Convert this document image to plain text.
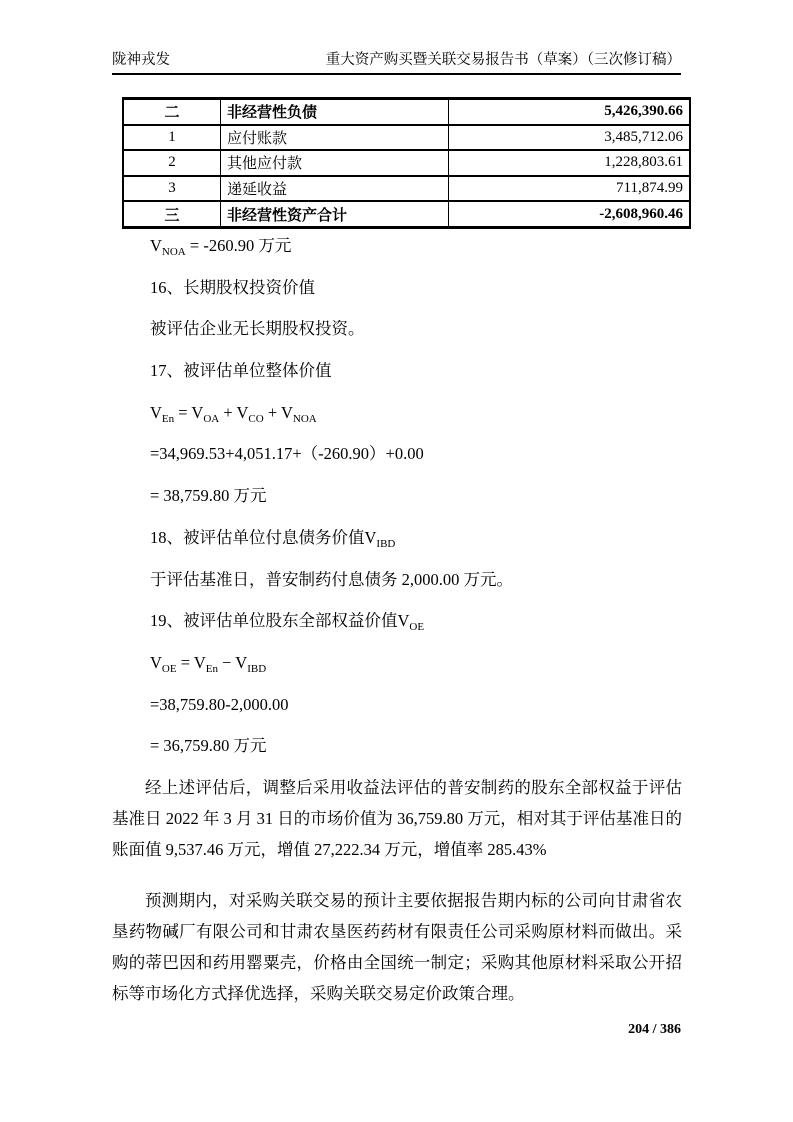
陇神戎发	重大资产购买暨关联交易报告书（草案）（三次修订稿）
二	非经营性负债	5,426,390.66
1	应付账款	3,485,712.06
2	其他应付款	1,228,803.61
3	递延收益	711,874.99
三	非经营性资产合计	-2,608,960.46
$V_{NOA} = -260.90$ 万元
16、长期股权投资价值
被评估企业无长期股权投资。
17、被评估单位整体价值
$V_{En} = V_{OA} + V_{CO} + V_{NOA}$
=34,969.53+4,051.17+（-260.90）+0.00
= 38,759.80 万元
18、被评估单位付息债务价值$V_{IBD}$
于评估基准日，普安制药付息债务 2,000.00 万元。
19、被评估单位股东全部权益价值$V_{OE}$
$V_{OE} = V_{En} - V_{IBD}$
=38,759.80-2,000.00
= 36,759.80 万元

经上述评估后，调整后采用收益法评估的普安制药的股东全部权益于评估基准日 2022 年 3 月 31 日的市场价值为 36,759.80 万元，相对其于评估基准日的账面值 9,537.46 万元，增值 27,222.34 万元，增值率 285.43%

预测期内，对采购关联交易的预计主要依据报告期内标的公司向甘肃省农垦药物碱厂有限公司和甘肃农垦医药药材有限责任公司采购原材料而做出。采购的蒂巴因和药用罂粟壳，价格由全国统一制定；采购其他原材料采取公开招标等市场化方式择优选择，采购关联交易定价政策合理。

204 / 386
